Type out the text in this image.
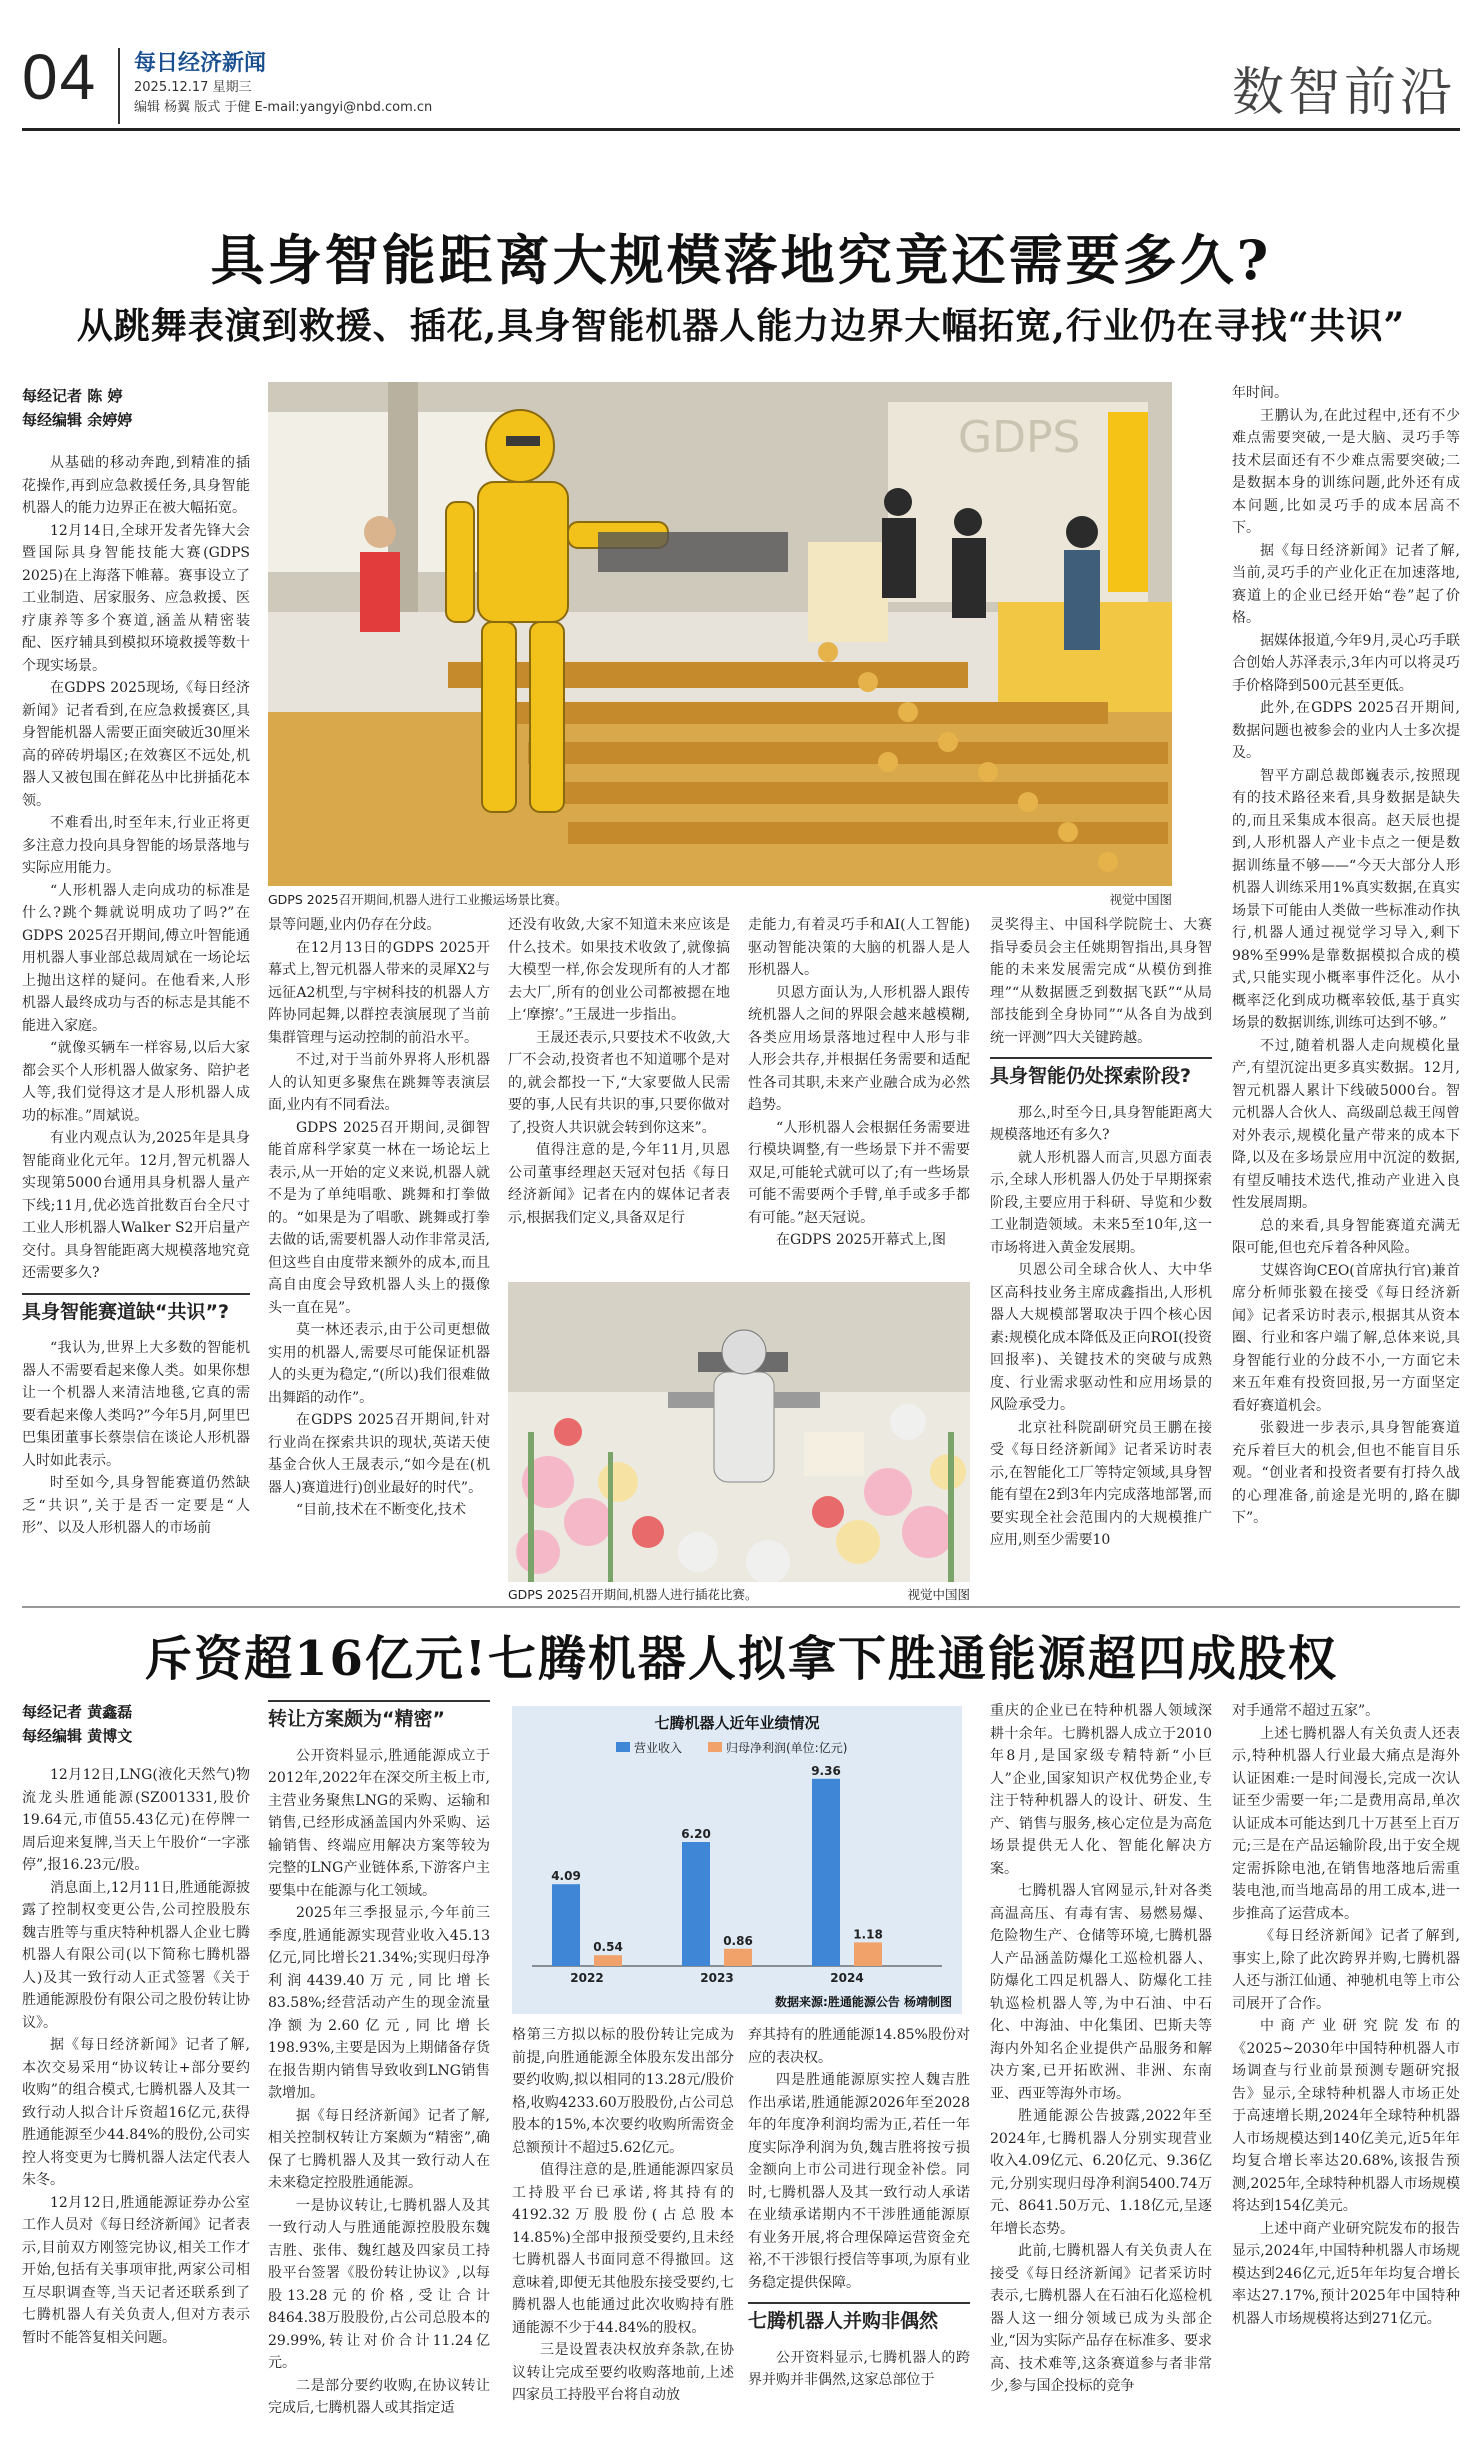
04 每日经济新闻
2025.12.17 星期三
编辑 杨翼 版式 于健 E-mail:yangyi@nbd.com.cn	数智前沿
具身智能距离大规模落地究竟还需要多久?
从跳舞表演到救援、插花,具身智能机器人能力边界大幅拓宽,行业仍在寻找“共识”
每经记者 陈 婷
每经编辑 余婷婷

从基础的移动奔跑,到精准的插花操作,再到应急救援任务,具身智能机器人的能力边界正在被大幅拓宽。

12月14日,全球开发者先锋大会暨国际具身智能技能大赛(GDPS 2025)在上海落下帷幕。赛事设立了工业制造、居家服务、应急救援、医疗康养等多个赛道,涵盖从精密装配、医疗辅具到模拟环境救援等数十个现实场景。

在GDPS 2025现场,《每日经济新闻》记者看到,在应急救援赛区,具身智能机器人需要正面突破近30厘米高的碎砖坍塌区;在效赛区不远处,机器人又被包围在鲜花丛中比拼插花本领。

不难看出,时至年末,行业正将更多注意力投向具身智能的场景落地与实际应用能力。

“人形机器人走向成功的标准是什么?跳个舞就说明成功了吗?”在GDPS 2025召开期间,傅立叶智能通用机器人事业部总裁周斌在一场论坛上抛出这样的疑问。在他看来,人形机器人最终成功与否的标志是其能不能进入家庭。

“就像买辆车一样容易,以后大家都会买个人形机器人做家务、陪护老人等,我们觉得这才是人形机器人成功的标准。”周斌说。

有业内观点认为,2025年是具身智能商业化元年。12月,智元机器人实现第5000台通用具身机器人量产下线;11月,优必选首批数百台全尺寸工业人形机器人Walker S2开启量产交付。具身智能距离大规模落地究竟还需要多久?

具身智能赛道缺“共识”?

“我认为,世界上大多数的智能机器人不需要看起来像人类。如果你想让一个机器人来清洁地毯,它真的需要看起来像人类吗?”今年5月,阿里巴巴集团董事长蔡崇信在谈论人形机器人时如此表示。

时至如今,具身智能赛道仍然缺乏“共识”,关于是否一定要是“人形”、以及人形机器人的市场前

GDPS
GDPS 2025召开期间,机器人进行工业搬运场景比赛。	视觉中国图

景等问题,业内仍存在分歧。

在12月13日的GDPS 2025开幕式上,智元机器人带来的灵犀X2与远征A2机型,与宇树科技的机器人方阵协同起舞,以群控表演展现了当前集群管理与运动控制的前沿水平。

不过,对于当前外界将人形机器人的认知更多聚焦在跳舞等表演层面,业内有不同看法。

GDPS 2025召开期间,灵御智能首席科学家莫一林在一场论坛上表示,从一开始的定义来说,机器人就不是为了单纯唱歌、跳舞和打拳做的。“如果是为了唱歌、跳舞或打拳去做的话,需要机器人动作非常灵活,但这些自由度带来额外的成本,而且高自由度会导致机器人头上的摄像头一直在晃”。

莫一林还表示,由于公司更想做实用的机器人,需要尽可能保证机器人的头更为稳定,“(所以)我们很难做出舞蹈的动作”。

在GDPS 2025召开期间,针对行业尚在探索共识的现状,英诺天使基金合伙人王晟表示,“如今是在(机器人)赛道进行)创业最好的时代”。

“目前,技术在不断变化,技术

还没有收敛,大家不知道未来应该是什么技术。如果技术收敛了,就像搞大模型一样,你会发现所有的人才都去大厂,所有的创业公司都被摁在地上‘摩擦’。”王晟进一步指出。

王晟还表示,只要技术不收敛,大厂不会动,投资者也不知道哪个是对的,就会都投一下,“大家要做人民需要的事,人民有共识的事,只要你做对了,投资人共识就会转到你这来”。

值得注意的是,今年11月,贝恩公司董事经理赵天冠对包括《每日经济新闻》记者在内的媒体记者表示,根据我们定义,具备双足行

走能力,有着灵巧手和AI(人工智能)驱动智能决策的大脑的机器人是人形机器人。

贝恩方面认为,人形机器人跟传统机器人之间的界限会越来越模糊,各类应用场景落地过程中人形与非人形会共存,并根据任务需要和适配性各司其职,未来产业融合成为必然趋势。

“人形机器人会根据任务需要进行模块调整,有一些场景下并不需要双足,可能轮式就可以了;有一些场景可能不需要两个手臂,单手或多手都有可能。”赵天冠说。

在GDPS 2025开幕式上,图

GDPS 2025召开期间,机器人进行插花比赛。	视觉中国图

灵奖得主、中国科学院院士、大赛指导委员会主任姚期智指出,具身智能的未来发展需完成“从模仿到推理”“从数据匮乏到数据飞跃”“从局部技能到全身协同”“从各自为战到统一评测”四大关键跨越。

具身智能仍处探索阶段?

那么,时至今日,具身智能距离大规模落地还有多久?

就人形机器人而言,贝恩方面表示,全球人形机器人仍处于早期探索阶段,主要应用于科研、导览和少数工业制造领域。未来5至10年,这一市场将进入黄金发展期。

贝恩公司全球合伙人、大中华区高科技业务主席成鑫指出,人形机器人大规模部署取决于四个核心因素:规模化成本降低及正向ROI(投资回报率)、关键技术的突破与成熟度、行业需求驱动性和应用场景的风险承受力。

北京社科院副研究员王鹏在接受《每日经济新闻》记者采访时表示,在智能化工厂等特定领域,具身智能有望在2到3年内完成落地部署,而要实现全社会范围内的大规模推广应用,则至少需要10

年时间。

王鹏认为,在此过程中,还有不少难点需要突破,一是大脑、灵巧手等技术层面还有不少难点需要突破;二是数据本身的训练问题,此外还有成本问题,比如灵巧手的成本居高不下。

据《每日经济新闻》记者了解,当前,灵巧手的产业化正在加速落地,赛道上的企业已经开始“卷”起了价格。

据媒体报道,今年9月,灵心巧手联合创始人苏泽表示,3年内可以将灵巧手价格降到500元甚至更低。

此外,在GDPS 2025召开期间,数据问题也被参会的业内人士多次提及。

智平方副总裁郎巍表示,按照现有的技术路径来看,具身数据是缺失的,而且采集成本很高。赵天辰也提到,人形机器人产业卡点之一便是数据训练量不够——“今天大部分人形机器人训练采用1%真实数据,在真实场景下可能由人类做一些标准动作执行,机器人通过视觉学习导入,剩下98%至99%是靠数据模拟合成的模式,只能实现小概率事件泛化。从小概率泛化到成功概率较低,基于真实场景的数据训练,训练可达到不够。”

不过,随着机器人走向规模化量产,有望沉淀出更多真实数据。12月,智元机器人累计下线破5000台。智元机器人合伙人、高级副总裁王闯曾对外表示,规模化量产带来的成本下降,以及在多场景应用中沉淀的数据,有望反哺技术迭代,推动产业进入良性发展周期。

总的来看,具身智能赛道充满无限可能,但也充斥着各种风险。

艾媒咨询CEO(首席执行官)兼首席分析师张毅在接受《每日经济新闻》记者采访时表示,根据其从资本圈、行业和客户端了解,总体来说,具身智能行业的分歧不小,一方面它未来五年难有投资回报,另一方面坚定看好赛道机会。

张毅进一步表示,具身智能赛道充斥着巨大的机会,但也不能盲目乐观。“创业者和投资者要有打持久战的心理准备,前途是光明的,路在脚下”。

斥资超16亿元!七腾机器人拟拿下胜通能源超四成股权
每经记者 黄鑫磊
每经编辑 黄博文

12月12日,LNG(液化天然气)物流龙头胜通能源(SZ001331,股价19.64元,市值55.43亿元)在停牌一周后迎来复牌,当天上午股价“一字涨停”,报16.23元/股。

消息面上,12月11日,胜通能源披露了控制权变更公告,公司控股股东魏吉胜等与重庆特种机器人企业七腾机器人有限公司(以下简称七腾机器人)及其一致行动人正式签署《关于胜通能源股份有限公司之股份转让协议》。

据《每日经济新闻》记者了解,本次交易采用“协议转让+部分要约收购”的组合模式,七腾机器人及其一致行动人拟合计斥资超16亿元,获得胜通能源至少44.84%的股份,公司实控人将变更为七腾机器人法定代表人朱冬。

12月12日,胜通能源证券办公室工作人员对《每日经济新闻》记者表示,目前双方刚签完协议,相关工作才开始,包括有关事项审批,两家公司相互尽职调查等,当天记者还联系到了七腾机器人有关负责人,但对方表示暂时不能答复相关问题。

转让方案颇为“精密”

公开资料显示,胜通能源成立于2012年,2022年在深交所主板上市,主营业务聚焦LNG的采购、运输和销售,已经形成涵盖国内外采购、运输销售、终端应用解决方案等较为完整的LNG产业链体系,下游客户主要集中在能源与化工领域。

2025年三季报显示,今年前三季度,胜通能源实现营业收入45.13亿元,同比增长21.34%;实现归母净利润4439.40万元,同比增长83.58%;经营活动产生的现金流量净额为2.60亿元,同比增长198.93%,主要是因为上期储备存货在报告期内销售导致收到LNG销售款增加。

据《每日经济新闻》记者了解,相关控制权转让方案颇为“精密”,确保了七腾机器人及其一致行动人在未来稳定控股胜通能源。

一是协议转让,七腾机器人及其一致行动人与胜通能源控股股东魏吉胜、张伟、魏红越及四家员工持股平台签署《股份转让协议》,以每股13.28元的价格,受让合计8464.38万股股份,占公司总股本的29.99%,转让对价合计11.24亿元。

二是部分要约收购,在协议转让完成后,七腾机器人或其指定适

七腾机器人近年业绩情况
营业收入	归母净利润(单位:亿元)
4.09
0.54
2022
6.20
0.86
2023
9.36
1.18
2024
数据来源:胜通能源公告 杨靖制图

格第三方拟以标的股份转让完成为前提,向胜通能源全体股东发出部分要约收购,拟以相同的13.28元/股价格,收购4233.60万股股份,占公司总股本的15%,本次要约收购所需资金总额预计不超过5.62亿元。

值得注意的是,胜通能源四家员工持股平台已承诺,将其持有的4192.32万股股份(占总股本14.85%)全部申报预受要约,且未经七腾机器人书面同意不得撤回。这意味着,即便无其他股东接受要约,七腾机器人也能通过此次收购持有胜通能源不少于44.84%的股权。

三是设置表决权放弃条款,在协议转让完成至要约收购落地前,上述四家员工持股平台将自动放

弃其持有的胜通能源14.85%股份对应的表决权。

四是胜通能源原实控人魏吉胜作出承诺,胜通能源2026年至2028年的年度净利润均需为正,若任一年度实际净利润为负,魏吉胜将按亏损金额向上市公司进行现金补偿。同时,七腾机器人及其一致行动人承诺在业绩承诺期内不干涉胜通能源原有业务开展,将合理保障运营资金充裕,不干涉银行授信等事项,为原有业务稳定提供保障。

七腾机器人并购非偶然

公开资料显示,七腾机器人的跨界并购并非偶然,这家总部位于

重庆的企业已在特种机器人领域深耕十余年。七腾机器人成立于2010年8月,是国家级专精特新“小巨人”企业,国家知识产权优势企业,专注于特种机器人的设计、研发、生产、销售与服务,核心定位是为高危场景提供无人化、智能化解决方案。

七腾机器人官网显示,针对各类高温高压、有毒有害、易燃易爆、危险物生产、仓储等环境,七腾机器人产品涵盖防爆化工巡检机器人、防爆化工四足机器人、防爆化工挂轨巡检机器人等,为中石油、中石化、中海油、中化集团、巴斯夫等海内外知名企业提供产品服务和解决方案,已开拓欧洲、非洲、东南亚、西亚等海外市场。

胜通能源公告披露,2022年至2024年,七腾机器人分别实现营业收入4.09亿元、6.20亿元、9.36亿元,分别实现归母净利润5400.74万元、8641.50万元、1.18亿元,呈逐年增长态势。

此前,七腾机器人有关负责人在接受《每日经济新闻》记者采访时表示,七腾机器人在石油石化巡检机器人这一细分领域已成为头部企业,“因为实际产品存在标准多、要求高、技术难等,这条赛道参与者非常少,参与国企投标的竞争

对手通常不超过五家”。

上述七腾机器人有关负责人还表示,特种机器人行业最大痛点是海外认证困难:一是时间漫长,完成一次认证至少需要一年;二是费用高昂,单次认证成本可能达到几十万甚至上百万元;三是在产品运输阶段,出于安全规定需拆除电池,在销售地落地后需重装电池,而当地高昂的用工成本,进一步推高了运营成本。

《每日经济新闻》记者了解到,事实上,除了此次跨界并购,七腾机器人还与浙江仙通、神驰机电等上市公司展开了合作。

中商产业研究院发布的《2025~2030年中国特种机器人市场调查与行业前景预测专题研究报告》显示,全球特种机器人市场正处于高速增长期,2024年全球特种机器人市场规模达到140亿美元,近5年年均复合增长率达20.68%,该报告预测,2025年,全球特种机器人市场规模将达到154亿美元。

上述中商产业研究院发布的报告显示,2024年,中国特种机器人市场规模达到246亿元,近5年年均复合增长率达27.17%,预计2025年中国特种机器人市场规模将达到271亿元。
